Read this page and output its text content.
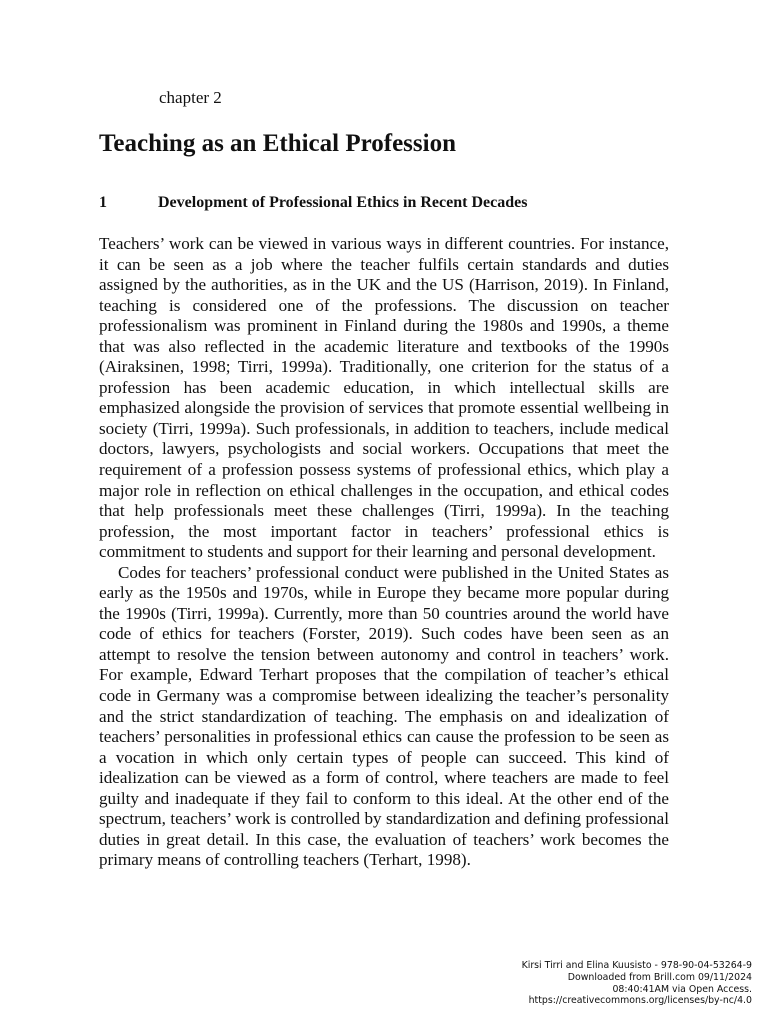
chapter 2
Teaching as an Ethical Profession
1	Development of Professional Ethics in Recent Decades

Teachers’ work can be viewed in various ways in different countries. For instance, it can be seen as a job where the teacher fulfils certain standards and duties assigned by the authorities, as in the UK and the US (Harrison, 2019). In Finland, teaching is considered one of the professions. The discussion on teacher professionalism was prominent in Finland during the 1980s and 1990s, a theme that was also reflected in the academic literature and textbooks of the 1990s (Airaksinen, 1998; Tirri, 1999a). Traditionally, one criterion for the status of a profession has been academic education, in which intellectual skills are emphasized alongside the provision of services that promote essential wellbeing in society (Tirri, 1999a). Such professionals, in addition to teachers, include medical doctors, lawyers, psychologists and social workers. Occupations that meet the requirement of a profession possess systems of professional ethics, which play a major role in reflection on ethical challenges in the occupation, and ethical codes that help professionals meet these challenges (Tirri, 1999a). In the teaching profession, the most important factor in teachers’ professional ethics is commitment to students and support for their learning and personal development.

Codes for teachers’ professional conduct were published in the United States as early as the 1950s and 1970s, while in Europe they became more popular during the 1990s (Tirri, 1999a). Currently, more than 50 countries around the world have code of ethics for teachers (Forster, 2019). Such codes have been seen as an attempt to resolve the tension between autonomy and control in teachers’ work. For example, Edward Terhart proposes that the compilation of teacher’s ethical code in Germany was a compromise between idealizing the teacher’s personality and the strict standardization of teaching. The emphasis on and idealization of teachers’ personalities in professional ethics can cause the profession to be seen as a vocation in which only certain types of people can succeed. This kind of idealization can be viewed as a form of control, where teachers are made to feel guilty and inadequate if they fail to conform to this ideal. At the other end of the spectrum, teachers’ work is controlled by standardization and defining professional duties in great detail. In this case, the evaluation of teachers’ work becomes the primary means of controlling teachers (Terhart, 1998).

Kirsi Tirri and Elina Kuusisto - 978-90-04-53264-9
Downloaded from Brill.com 09/11/2024
08:40:41AM via Open Access.
https://creativecommons.org/licenses/by-nc/4.0
